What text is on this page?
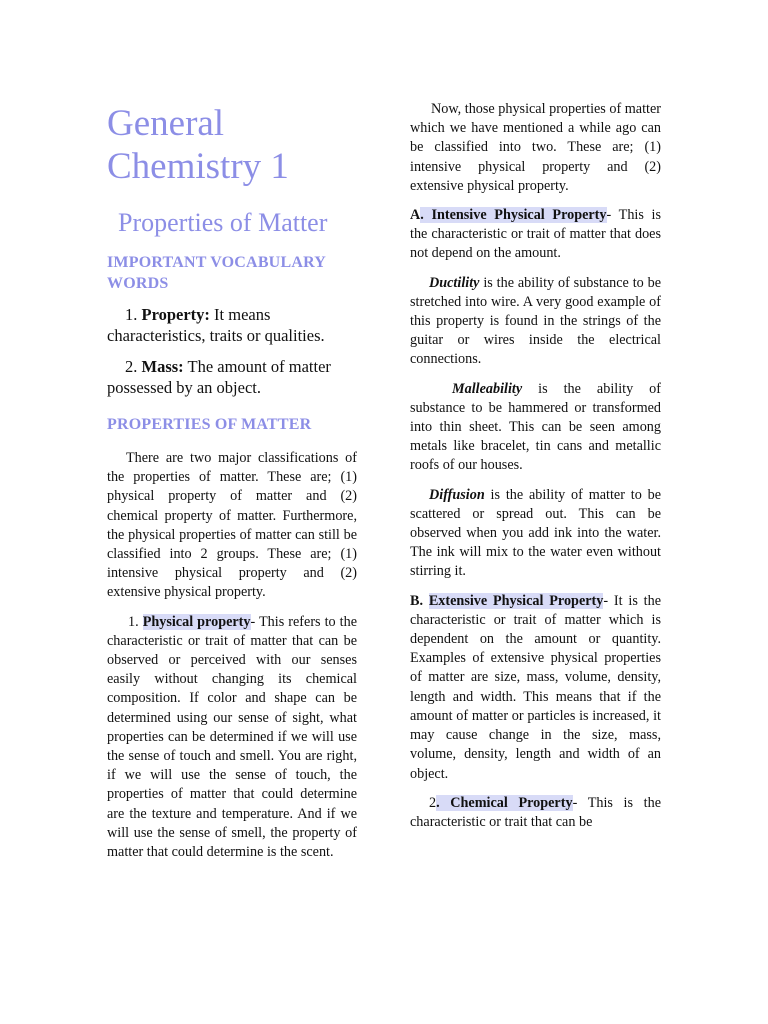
General
Chemistry 1
Properties of Matter
IMPORTANT VOCABULARY WORDS

1. Property: It means characteristics, traits or qualities.

2. Mass: The amount of matter possessed by an object.

PROPERTIES OF MATTER

There are two major classifications of the properties of matter. These are; (1) physical property of matter and (2) chemical property of matter. Furthermore, the physical properties of matter can still be classified into 2 groups. These are; (1) intensive physical property and (2) extensive physical property.

1. Physical property- This refers to the characteristic or trait of matter that can be observed or perceived with our senses easily without changing its chemical composition. If color and shape can be determined using our sense of sight, what properties can be determined if we will use the sense of touch and smell. You are right, if we will use the sense of touch, the properties of matter that could determine are the texture and temperature. And if we will use the sense of smell, the property of matter that could determine is the scent.

Now, those physical properties of matter which we have mentioned a while ago can be classified into two. These are; (1) intensive physical property and (2) extensive physical property.

A. Intensive Physical Property- This is the characteristic or trait of matter that does not depend on the amount.

Ductility is the ability of substance to be stretched into wire. A very good example of this property is found in the strings of the guitar or wires inside the electrical connections.

Malleability is the ability of substance to be hammered or transformed into thin sheet. This can be seen among metals like bracelet, tin cans and metallic roofs of our houses.

Diffusion is the ability of matter to be scattered or spread out. This can be observed when you add ink into the water. The ink will mix to the water even without stirring it.

B. Extensive Physical Property- It is the characteristic or trait of matter which is dependent on the amount or quantity. Examples of extensive physical properties of matter are size, mass, volume, density, length and width. This means that if the amount of matter or particles is increased, it may cause change in the size, mass, volume, density, length and width of an object.

2. Chemical Property- This is the characteristic or trait that can be
